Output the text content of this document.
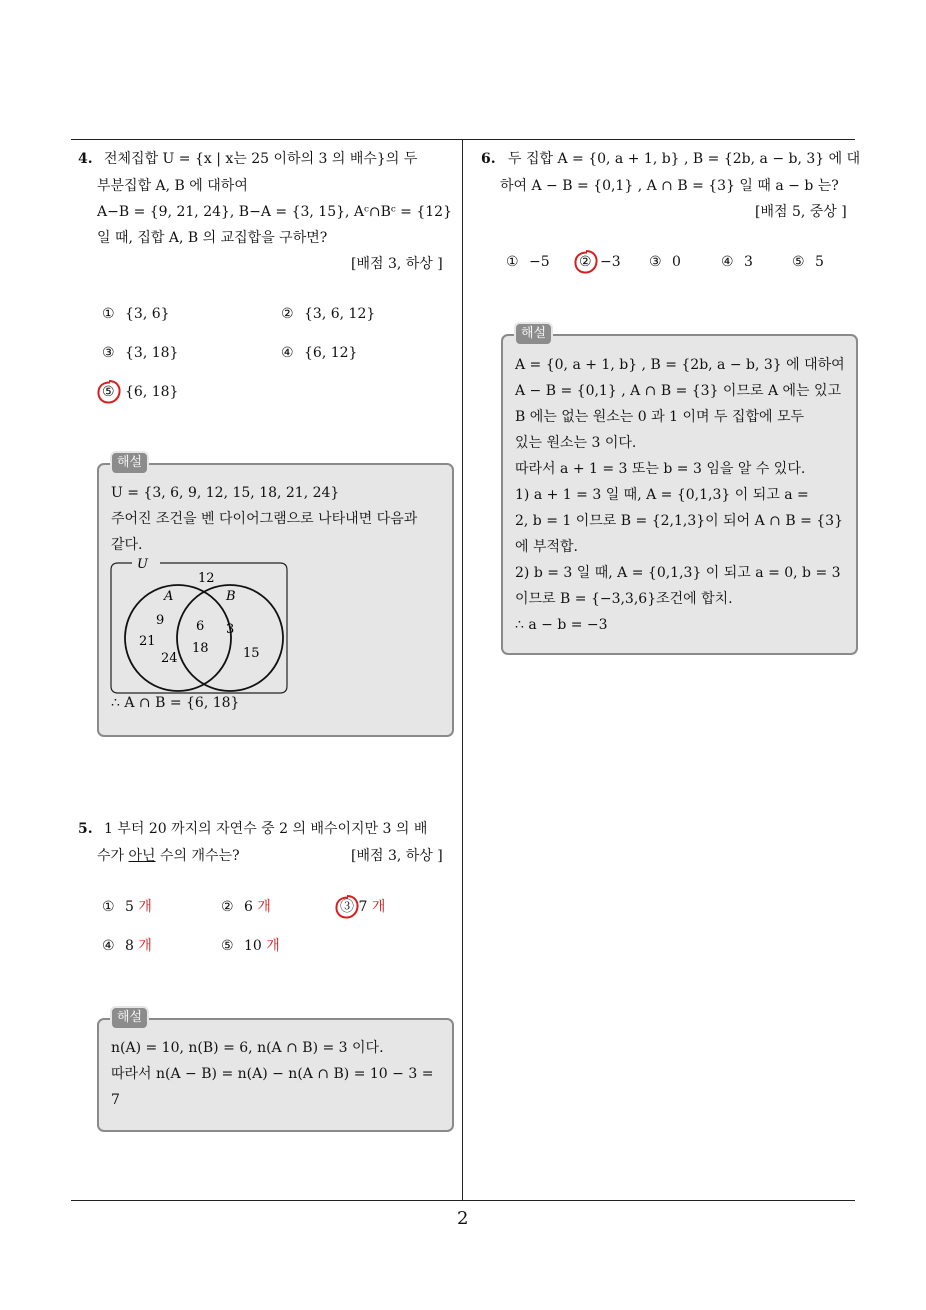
2
4. 전체집합 U = {x | x는 25 이하의 3 의 배수}의 두
부분집합 A, B 에 대하여
A−B = {9, 21, 24}, B−A = {3, 15}, Aᶜ∩Bᶜ = {12}
일 때, 집합 A, B 의 교집합을 구하면?
[배점 3, 하상 ]
① {3, 6}	② {3, 6, 12}
③ {3, 18}	④ {6, 12}
⑤ {6, 18}
해설
U = {3, 6, 9, 12, 15, 18, 21, 24}
주어진 조건을 벤 다이어그램으로 나타내면 다음과
같다.
U
12
A	B
9
21
24
6
18
3
15
∴ A ∩ B = {6, 18}
5. 1 부터 20 까지의 자연수 중 2 의 배수이지만 3 의 배
수가 아닌 수의 개수는?	[배점 3, 하상 ]
① 5 개	② 6 개	③ 7 개
④ 8 개	⑤ 10 개
해설
n(A) = 10, n(B) = 6, n(A ∩ B) = 3 이다.
따라서 n(A − B) = n(A) − n(A ∩ B) = 10 − 3 =
7
6. 두 집합 A = {0, a + 1, b} , B = {2b, a − b, 3} 에 대
하여 A − B = {0,1} , A ∩ B = {3} 일 때 a − b 는?
[배점 5, 중상 ]
① −5 ② −3 ③ 0	④ 3	⑤ 5
해설
A = {0, a + 1, b} , B = {2b, a − b, 3} 에 대하여
A − B = {0,1} , A ∩ B = {3} 이므로 A 에는 있고
B 에는 없는 원소는 0 과 1 이며 두 집합에 모두
있는 원소는 3 이다.
따라서 a + 1 = 3 또는 b = 3 임을 알 수 있다.
1) a + 1 = 3 일 때, A = {0,1,3} 이 되고 a =
2, b = 1 이므로 B = {2,1,3}이 되어 A ∩ B = {3}
에 부적합.
2) b = 3 일 때, A = {0,1,3} 이 되고 a = 0, b = 3
이므로 B = {−3,3,6}조건에 합치.
∴ a − b = −3
